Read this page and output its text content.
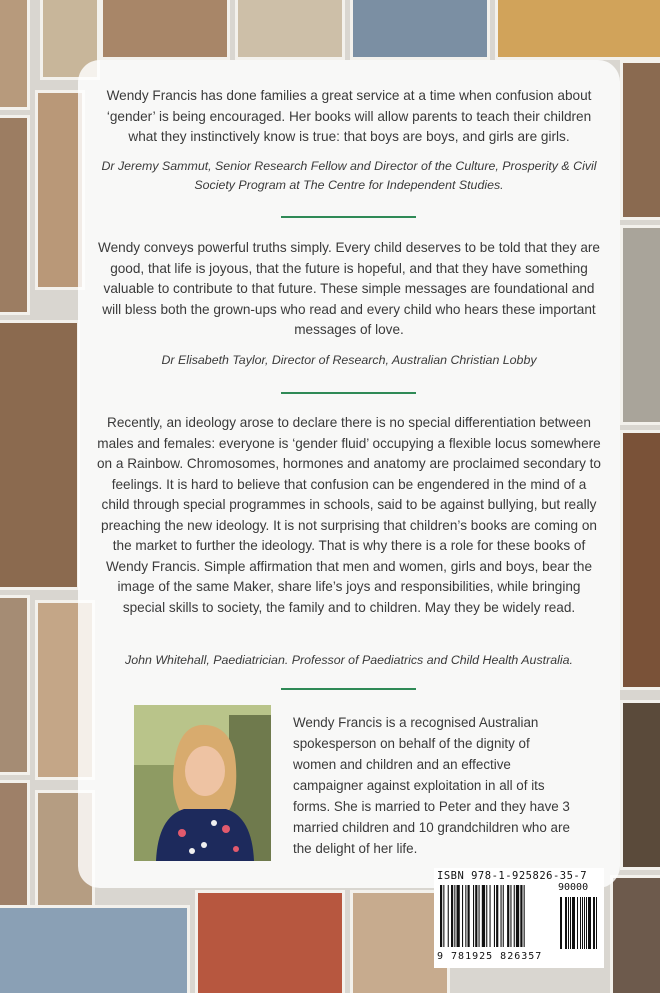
Wendy Francis has done families a great service at a time when confusion about ‘gender’ is being encouraged. Her books will allow parents to teach their children what they instinctively know is true: that boys are boys, and girls are girls.

Dr Jeremy Sammut, Senior Research Fellow and Director of the Culture, Prosperity & Civil Society Program at The Centre for Independent Studies.

Wendy conveys powerful truths simply. Every child deserves to be told that they are good, that life is joyous, that the future is hopeful, and that they have something valuable to contribute to that future. These simple messages are foundational and will bless both the grown-ups who read and every child who hears these important messages of love.

Dr Elisabeth Taylor, Director of Research, Australian Christian Lobby

Recently, an ideology arose to declare there is no special differentiation between males and females: everyone is ‘gender fluid’ occupying a flexible locus somewhere on a Rainbow. Chromosomes, hormones and anatomy are proclaimed secondary to feelings. It is hard to believe that confusion can be engendered in the mind of a child through special programmes in schools, said to be against bullying, but really preaching the new ideology. It is not surprising that children’s books are coming on the market to further the ideology. That is why there is a role for these books of Wendy Francis. Simple affirmation that men and women, girls and boys, bear the image of the same Maker, share life’s joys and responsibilities, while bringing special skills to society, the family and to children. May they be widely read.

John Whitehall, Paediatrician. Professor of Paediatrics and Child Health Australia.

Wendy Francis is a recognised Australian spokesperson on behalf of the dignity of women and children and an effective campaigner against exploitation in all of its forms. She is married to Peter and they have 3 married children and 10 grandchildren who are the delight of her life.

ISBN 978-1-925826-35-7
90000
9 781925 826357
